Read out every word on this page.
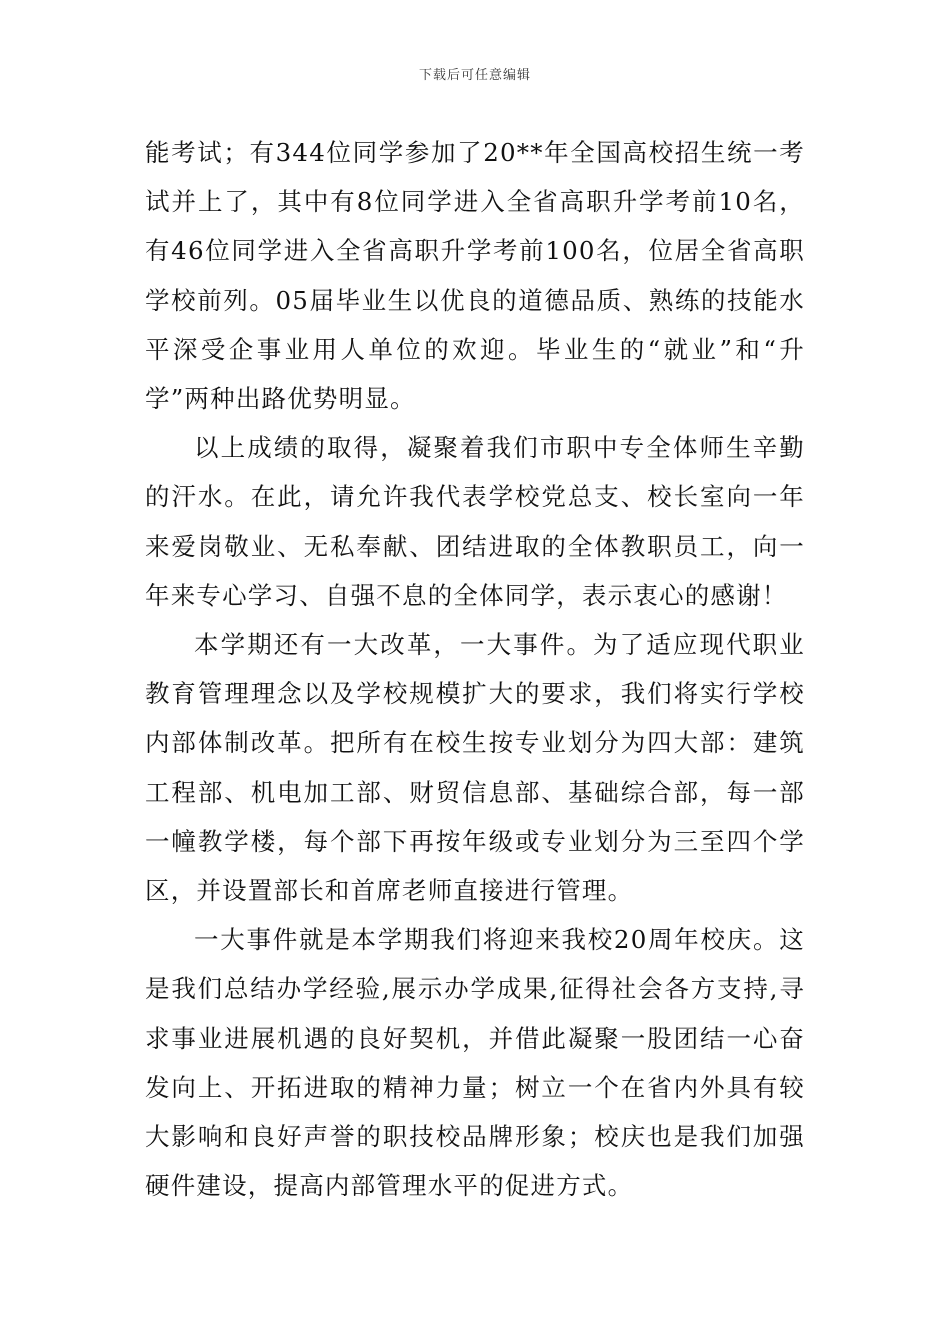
下载后可任意编辑

能考试；有344位同学参加了20**年全国高校招生统一考试并上了，其中有8位同学进入全省高职升学考前10名，有46位同学进入全省高职升学考前100名，位居全省高职学校前列。05届毕业生以优良的道德品质、熟练的技能水平深受企事业用人单位的欢迎。毕业生的“就业”和“升学”两种出路优势明显。

以上成绩的取得，凝聚着我们市职中专全体师生辛勤的汗水。在此，请允许我代表学校党总支、校长室向一年来爱岗敬业、无私奉献、团结进取的全体教职员工，向一年来专心学习、自强不息的全体同学，表示衷心的感谢！

本学期还有一大改革，一大事件。为了适应现代职业教育管理理念以及学校规模扩大的要求，我们将实行学校内部体制改革。把所有在校生按专业划分为四大部：建筑工程部、机电加工部、财贸信息部、基础综合部，每一部一幢教学楼，每个部下再按年级或专业划分为三至四个学区，并设置部长和首席老师直接进行管理。

一大事件就是本学期我们将迎来我校20周年校庆。这是我们总结办学经验,展示办学成果,征得社会各方支持,寻求事业进展机遇的良好契机，并借此凝聚一股团结一心奋发向上、开拓进取的精神力量；树立一个在省内外具有较大影响和良好声誉的职技校品牌形象；校庆也是我们加强硬件建设，提高内部管理水平的促进方式。
